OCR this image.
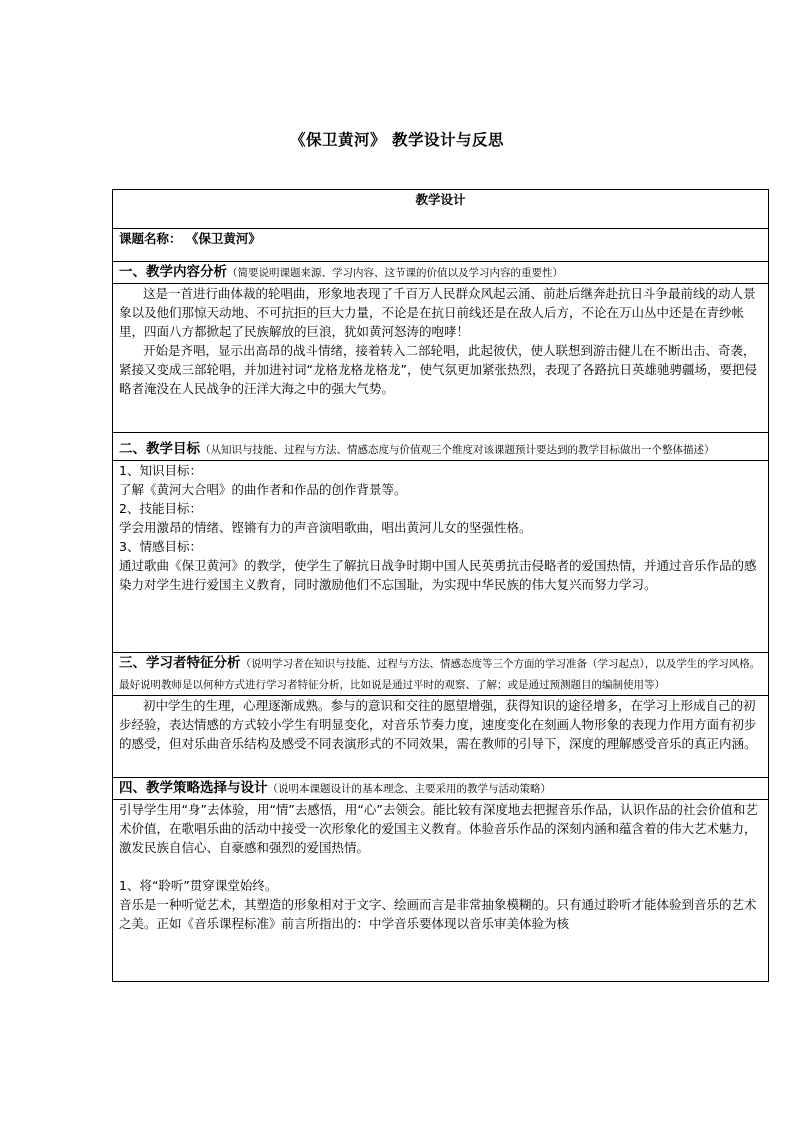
《保卫黄河》 教学设计与反思
教学设计
课题名称： 《保卫黄河》
一、教学内容分析（简要说明课题来源、学习内容、这节课的价值以及学习内容的重要性）

这是一首进行曲体裁的轮唱曲，形象地表现了千百万人民群众风起云涌、前赴后继奔赴抗日斗争最前线的动人景象以及他们那惊天动地、不可抗拒的巨大力量，不论是在抗日前线还是在敌人后方，不论在万山丛中还是在青纱帐里，四面八方都掀起了民族解放的巨浪，犹如黄河怒涛的咆哮！

开始是齐唱，显示出高昂的战斗情绪，接着转入二部轮唱，此起彼伏，使人联想到游击健儿在不断出击、奇袭，紧接又变成三部轮唱，并加进衬词“龙格龙格龙格龙”，使气氛更加紧张热烈，表现了各路抗日英雄驰骋疆场，要把侵略者淹没在人民战争的汪洋大海之中的强大气势。

二、教学目标（从知识与技能、过程与方法、情感态度与价值观三个维度对该课题预计要达到的教学目标做出一个整体描述）

1、知识目标：

了解《黄河大合唱》的曲作者和作品的创作背景等。

2、技能目标：

学会用激昂的情绪、铿锵有力的声音演唱歌曲，唱出黄河儿女的坚强性格。

3、情感目标：

通过歌曲《保卫黄河》的教学，使学生了解抗日战争时期中国人民英勇抗击侵略者的爱国热情，并通过音乐作品的感染力对学生进行爱国主义教育，同时激励他们不忘国耻，为实现中华民族的伟大复兴而努力学习。

三、学习者特征分析（说明学习者在知识与技能、过程与方法、情感态度等三个方面的学习准备（学习起点），以及学生的学习风格。最好说明教师是以何种方式进行学习者特征分析，比如说是通过平时的观察、了解；或是通过预测题目的编制使用等）

初中学生的生理，心理逐渐成熟。参与的意识和交往的愿望增强，获得知识的途径增多，在学习上形成自己的初步经验，表达情感的方式较小学生有明显变化，对音乐节奏力度，速度变化在刻画人物形象的表现力作用方面有初步的感受，但对乐曲音乐结构及感受不同表演形式的不同效果，需在教师的引导下，深度的理解感受音乐的真正内涵。

四、教学策略选择与设计（说明本课题设计的基本理念、主要采用的教学与活动策略）

引导学生用“身”去体验，用“情”去感悟，用“心”去领会。能比较有深度地去把握音乐作品，认识作品的社会价值和艺术价值，在歌唱乐曲的活动中接受一次形象化的爱国主义教育。体验音乐作品的深刻内涵和蕴含着的伟大艺术魅力，激发民族自信心、自豪感和强烈的爱国热情。

1、将“聆听”贯穿课堂始终。

音乐是一种听觉艺术，其塑造的形象相对于文字、绘画而言是非常抽象模糊的。只有通过聆听才能体验到音乐的艺术之美。正如《音乐课程标准》前言所指出的：中学音乐要体现以音乐审美体验为核
